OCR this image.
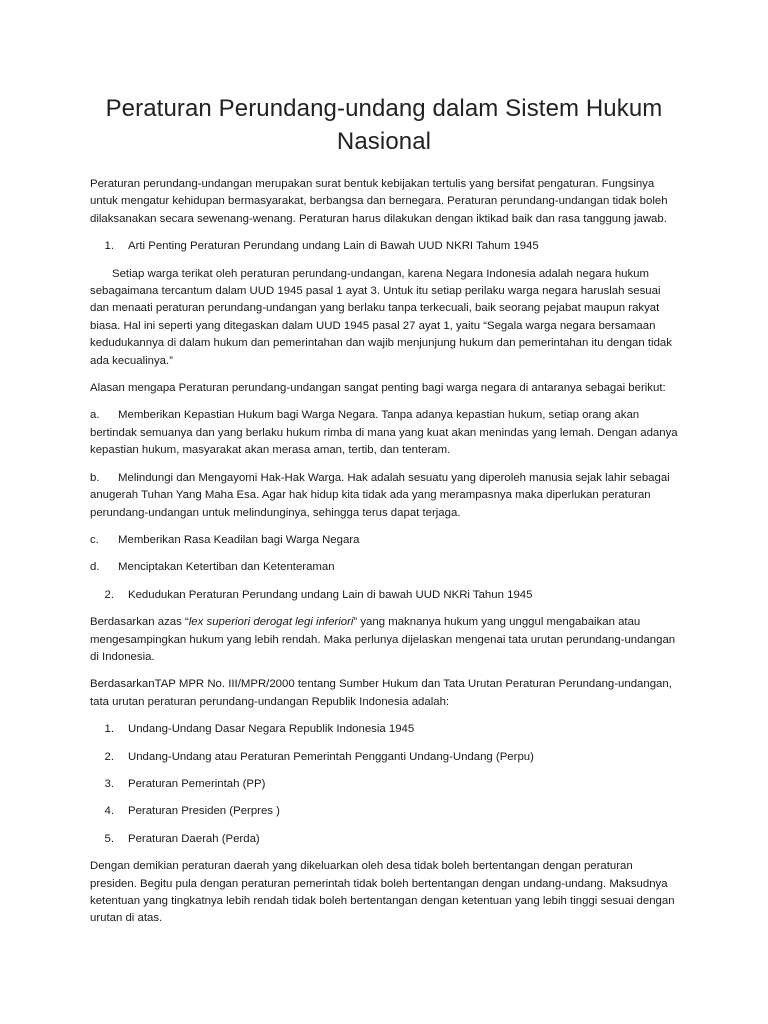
Peraturan Perundang-undang dalam Sistem Hukum Nasional

Peraturan perundang-undangan merupakan surat bentuk kebijakan tertulis yang bersifat pengaturan. Fungsinya untuk mengatur kehidupan bermasyarakat, berbangsa dan bernegara. Peraturan perundang-undangan tidak boleh dilaksanakan secara sewenang-wenang. Peraturan harus dilakukan dengan iktikad baik dan rasa tanggung jawab.

1.	Arti Penting Peraturan Perundang undang Lain di Bawah UUD NKRI Tahum 1945

Setiap warga terikat oleh peraturan perundang-undangan, karena Negara Indonesia adalah negara hukum sebagaimana tercantum dalam UUD 1945 pasal 1 ayat 3. Untuk itu setiap perilaku warga negara haruslah sesuai dan menaati peraturan perundang-undangan yang berlaku tanpa terkecuali, baik seorang pejabat maupun rakyat biasa. Hal ini seperti yang ditegaskan dalam UUD 1945 pasal 27 ayat 1, yaitu “Segala warga negara bersamaan kedudukannya di dalam hukum dan pemerintahan dan wajib menjunjung hukum dan pemerintahan itu dengan tidak ada kecualinya.”

Alasan mengapa Peraturan perundang-undangan sangat penting bagi warga negara di antaranya sebagai berikut:

a. Memberikan Kepastian Hukum bagi Warga Negara. Tanpa adanya kepastian hukum, setiap orang akan bertindak semuanya dan yang berlaku hukum rimba di mana yang kuat akan menindas yang lemah. Dengan adanya kepastian hukum, masyarakat akan merasa aman, tertib, dan tenteram.

b. Melindungi dan Mengayomi Hak-Hak Warga. Hak adalah sesuatu yang diperoleh manusia sejak lahir sebagai anugerah Tuhan Yang Maha Esa. Agar hak hidup kita tidak ada yang merampasnya maka diperlukan peraturan perundang-undangan untuk melindunginya, sehingga terus dapat terjaga.

c. Memberikan Rasa Keadilan bagi Warga Negara

d. Menciptakan Ketertiban dan Ketenteraman

2.	Kedudukan Peraturan Perundang undang Lain di bawah UUD NKRi Tahun 1945

Berdasarkan azas “lex superiori derogat legi inferiori” yang maknanya hukum yang unggul mengabaikan atau mengesampingkan hukum yang lebih rendah. Maka perlunya dijelaskan mengenai tata urutan perundang-undangan di Indonesia.

BerdasarkanTAP MPR No. III/MPR/2000 tentang Sumber Hukum dan Tata Urutan Peraturan Perundang-undangan, tata urutan peraturan perundang-undangan Republik Indonesia adalah:

1.	Undang-Undang Dasar Negara Republik Indonesia 1945
2.	Undang-Undang atau Peraturan Pemerintah Pengganti Undang-Undang (Perpu)
3.	Peraturan Pemerintah (PP)
4.	Peraturan Presiden (Perpres )
5.	Peraturan Daerah (Perda)

Dengan demikian peraturan daerah yang dikeluarkan oleh desa tidak boleh bertentangan dengan peraturan presiden. Begitu pula dengan peraturan pemerintah tidak boleh bertentangan dengan undang-undang. Maksudnya ketentuan yang tingkatnya lebih rendah tidak boleh bertentangan dengan ketentuan yang lebih tinggi sesuai dengan urutan di atas.
